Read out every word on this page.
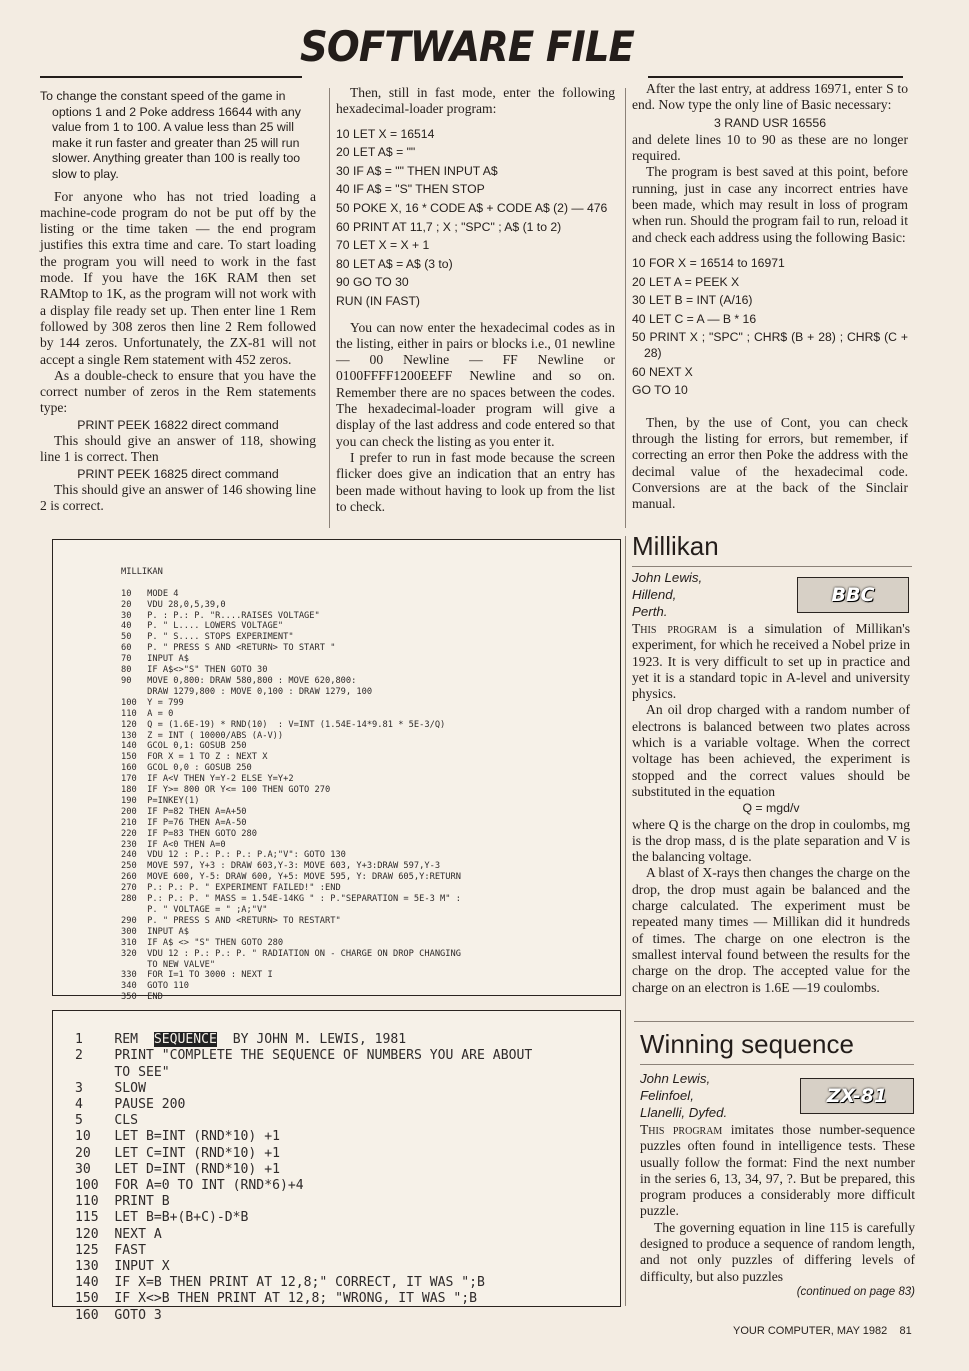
SOFTWARE FILE

To change the constant speed of the game in options 1 and 2 Poke address 16644 with any value from 1 to 100. A value less than 25 will make it run faster and greater than 25 will run slower. Anything greater than 100 is really too slow to play.

For anyone who has not tried loading a machine-code program do not be put off by the listing or the time taken — the end program justifies this extra time and care. To start loading the program you will need to work in the fast mode. If you have the 16K RAM then set RAMtop to 1K, as the program will not work with a display file ready set up. Then enter line 1 Rem followed by 308 zeros then line 2 Rem followed by 144 zeros. Unfortunately, the ZX-81 will not accept a single Rem statement with 452 zeros.

As a double-check to ensure that you have the correct number of zeros in the Rem statements type:

PRINT PEEK 16822 direct command

This should give an answer of 118, showing line 1 is correct. Then

PRINT PEEK 16825 direct command

This should give an answer of 146 showing line 2 is correct.

Then, still in fast mode, enter the following hexadecimal-loader program:

10 LET X = 16514
20 LET A$ = ""
30 IF A$ = "" THEN INPUT A$
40 IF A$ = "S" THEN STOP
50 POKE X, 16 * CODE A$ + CODE A$ (2) — 476
60 PRINT AT 11,7 ; X ; "SPC" ; A$ (1 to 2)
70 LET X = X + 1
80 LET A$ = A$ (3 to)
90 GO TO 30
RUN (IN FAST)

You can now enter the hexadecimal codes as in the listing, either in pairs or blocks i.e., 01 newline — 00 Newline — FF Newline or 0100FFFF1200EEFF Newline and so on. Remember there are no spaces between the codes. The hexadecimal-loader program will give a display of the last address and code entered so that you can check the listing as you enter it.

I prefer to run in fast mode because the screen flicker does give an indication that an entry has been made without having to look up from the list to check.

After the last entry, at address 16971, enter S to end. Now type the only line of Basic necessary:

3 RAND USR 16556

and delete lines 10 to 90 as these are no longer required.

The program is best saved at this point, before running, just in case any incorrect entries have been made, which may result in loss of program when run. Should the program fail to run, reload it and check each address using the following Basic:

10 FOR X = 16514 to 16971
20 LET A = PEEK X
30 LET B = INT (A/16)
40 LET C = A — B * 16
50 PRINT X ; "SPC" ; CHR$ (B + 28) ; CHR$ (C + 28)
60 NEXT X
GO TO 10

Then, by the use of Cont, you can check through the listing for errors, but remember, if correcting an error then Poke the address with the decimal value of the hexadecimal code. Conversions are at the back of the Sinclair manual.

MILLIKAN

10   MODE 4
20   VDU 28,0,5,39,0
30   P. : P.: P. "R....RAISES VOLTAGE"
40   P. " L.... LOWERS VOLTAGE"
50   P. " S.... STOPS EXPERIMENT"
60   P. " PRESS S AND <RETURN> TO START "
70   INPUT A$
80   IF A$<>"S" THEN GOTO 30
90   MOVE 0,800: DRAW 580,800 : MOVE 620,800:
DRAW 1279,800 : MOVE 0,100 : DRAW 1279, 100
100  Y = 799
110  A = 0
120  Q = (1.6E-19) * RND(10)  : V=INT (1.54E-14*9.81 * 5E-3/Q)
130  Z = INT ( 10000/ABS (A-V))
140  GCOL 0,1: GOSUB 250
150  FOR X = 1 TO Z : NEXT X
160  GCOL 0,0 : GOSUB 250
170  IF A<V THEN Y=Y-2 ELSE Y=Y+2
180  IF Y>= 800 OR Y<= 100 THEN GOTO 270
190  P=INKEY(1)
200  IF P=82 THEN A=A+50
210  IF P=76 THEN A=A-50
220  IF P=83 THEN GOTO 280
230  IF A<0 THEN A=0
240  VDU 12 : P.: P.: P.: P.A;"V": GOTO 130
250  MOVE 597, Y+3 : DRAW 603,Y-3: MOVE 603, Y+3:DRAW 597,Y-3
260  MOVE 600, Y-5: DRAW 600, Y+5: MOVE 595, Y: DRAW 605,Y:RETURN
270  P.: P.: P. " EXPERIMENT FAILED!" :END
280  P.: P.: P. " MASS = 1.54E-14KG " : P."SEPARATION = 5E-3 M" :
P. " VOLTAGE = " ;A;"V"
290  P. " PRESS S AND <RETURN> TO RESTART"
300  INPUT A$
310  IF A$ <> "S" THEN GOTO 280
320  VDU 12 : P.: P.: P. " RADIATION ON - CHARGE ON DROP CHANGING
TO NEW VALVE"
330  FOR I=1 TO 3000 : NEXT I
340  GOTO 110
350  END

1    REM  SEQUENCE  BY JOHN M. LEWIS, 1981
2    PRINT "COMPLETE THE SEQUENCE OF NUMBERS YOU ARE ABOUT
TO SEE"
3    SLOW
4    PAUSE 200
5    CLS
10   LET B=INT (RND*10) +1
20   LET C=INT (RND*10) +1
30   LET D=INT (RND*10) +1
100  FOR A=0 TO INT (RND*6)+4
110  PRINT B
115  LET B=B+(B+C)-D*B
120  NEXT A
125  FAST
130  INPUT X
140  IF X=B THEN PRINT AT 12,8;" CORRECT, IT WAS ";B
150  IF X<>B THEN PRINT AT 12,8; "WRONG, IT WAS ";B
160  GOTO 3

Millikan
John Lewis,
Hillend,
Perth.
BBC

This program is a simulation of Millikan's experiment, for which he received a Nobel prize in 1923. It is very difficult to set up in practice and yet it is a standard topic in A-level and university physics.

An oil drop charged with a random number of electrons is balanced between two plates across which is a variable voltage. When the correct voltage has been achieved, the experiment is stopped and the correct values should be substituted in the equation

Q = mgd/v

where Q is the charge on the drop in coulombs, mg is the drop mass, d is the plate separation and V is the balancing voltage.

A blast of X-rays then changes the charge on the drop, the drop must again be balanced and the charge calculated. The experiment must be repeated many times — Millikan did it hundreds of times. The charge on one electron is the smallest interval found between the results for the charge on the drop. The accepted value for the charge on an electron is 1.6E —19 coulombs.

Winning sequence
John Lewis,
Felinfoel,
Llanelli, Dyfed.
ZX-81

This program imitates those number-sequence puzzles often found in intelligence tests. These usually follow the format: Find the next number in the series 6, 13, 34, 97, ?. But be prepared, this program produces a considerably more difficult puzzle.

The governing equation in line 115 is carefully designed to produce a sequence of random length, and not only puzzles of differing levels of difficulty, but also puzzles

(continued on page 83)

YOUR COMPUTER, MAY 1982 81
